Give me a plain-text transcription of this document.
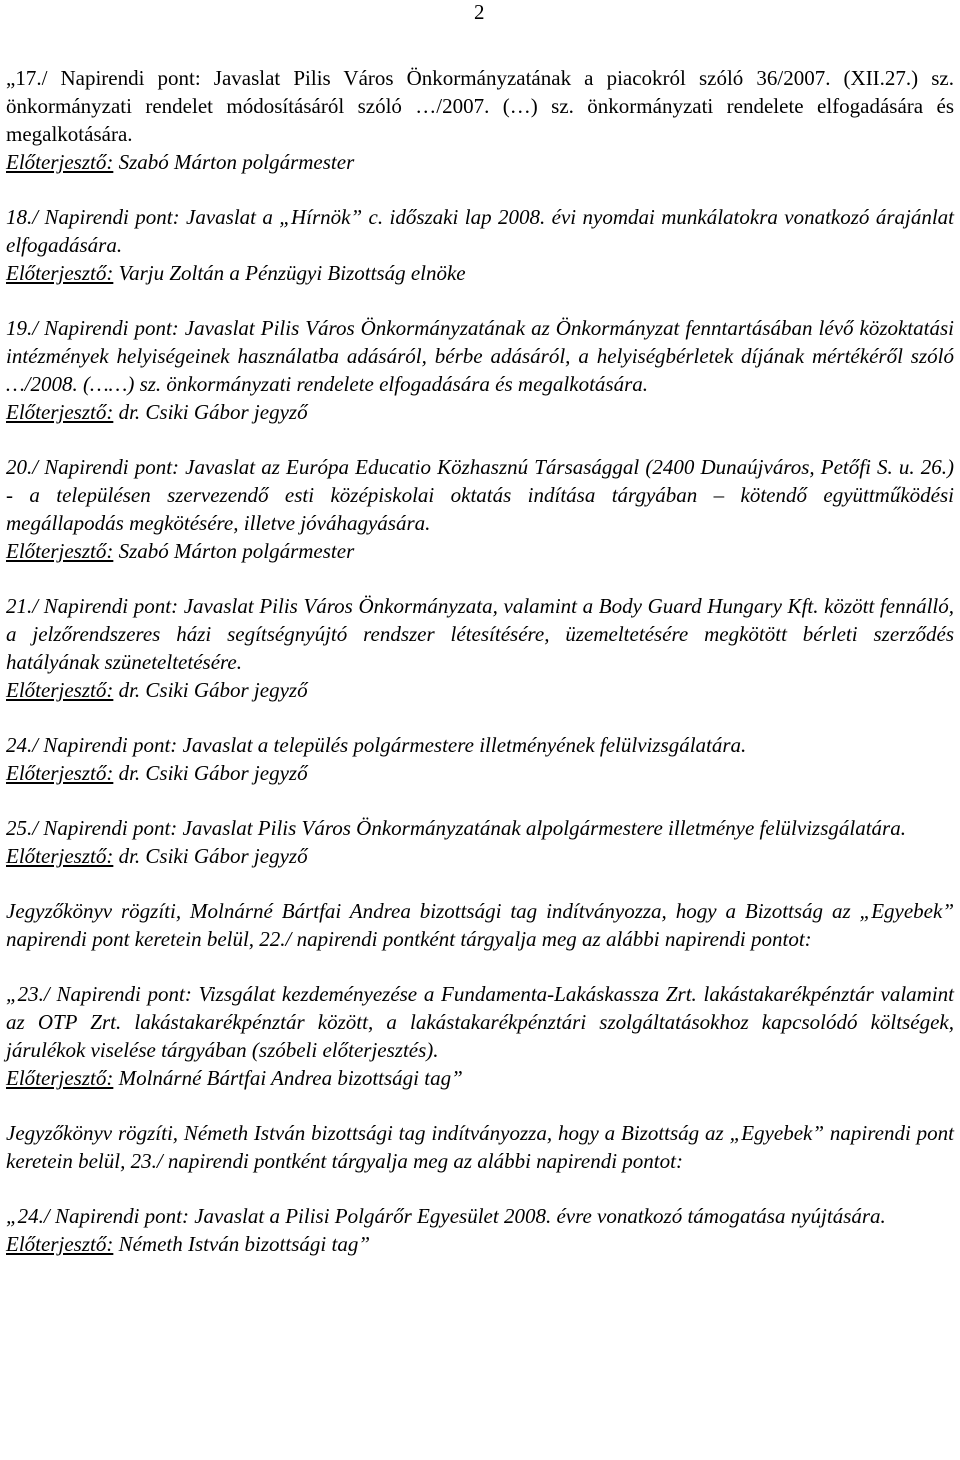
2

„17./ Napirendi pont: Javaslat Pilis Város Önkormányzatának a piacokról szóló 36/2007. (XII.27.) sz. önkormányzati rendelet módosításáról szóló …/2007. (…) sz. önkormányzati rendelete elfogadására és megalkotására.

Előterjesztő: Szabó Márton polgármester

18./ Napirendi pont: Javaslat a „Hírnök” c. időszaki lap 2008. évi nyomdai munkálatokra vonatkozó árajánlat elfogadására.

Előterjesztő: Varju Zoltán a Pénzügyi Bizottság elnöke

19./ Napirendi pont: Javaslat Pilis Város Önkormányzatának az Önkormányzat fenntartásában lévő közoktatási intézmények helyiségeinek használatba adásáról, bérbe adásáról, a helyiségbérletek díjának mértékéről szóló …/2008. (……) sz. önkormányzati rendelete elfogadására és megalkotására.

Előterjesztő: dr. Csiki Gábor jegyző

20./ Napirendi pont: Javaslat az Európa Educatio Közhasznú Társasággal (2400 Dunaújváros, Petőfi S. u. 26.) - a településen szervezendő esti középiskolai oktatás indítása tárgyában – kötendő együttműködési megállapodás megkötésére, illetve jóváhagyására.

Előterjesztő: Szabó Márton polgármester

21./ Napirendi pont: Javaslat Pilis Város Önkormányzata, valamint a Body Guard Hungary Kft. között fennálló, a jelzőrendszeres házi segítségnyújtó rendszer létesítésére, üzemeltetésére megkötött bérleti szerződés hatályának szüneteltetésére.

Előterjesztő: dr. Csiki Gábor jegyző

24./ Napirendi pont: Javaslat a település polgármestere illetményének felülvizsgálatára.

Előterjesztő: dr. Csiki Gábor jegyző

25./ Napirendi pont: Javaslat Pilis Város Önkormányzatának alpolgármestere illetménye felülvizsgálatára.

Előterjesztő: dr. Csiki Gábor jegyző

Jegyzőkönyv rögzíti, Molnárné Bártfai Andrea bizottsági tag indítványozza, hogy a Bizottság az „Egyebek” napirendi pont keretein belül, 22./ napirendi pontként tárgyalja meg az alábbi napirendi pontot:

„23./ Napirendi pont: Vizsgálat kezdeményezése a Fundamenta-Lakáskassza Zrt. lakástakarékpénztár valamint az OTP Zrt. lakástakarékpénztár között, a lakástakarékpénztári szolgáltatásokhoz kapcsolódó költségek, járulékok viselése tárgyában (szóbeli előterjesztés).

Előterjesztő: Molnárné Bártfai Andrea bizottsági tag”

Jegyzőkönyv rögzíti, Németh István bizottsági tag indítványozza, hogy a Bizottság az „Egyebek” napirendi pont keretein belül, 23./ napirendi pontként tárgyalja meg az alábbi napirendi pontot:

„24./ Napirendi pont: Javaslat a Pilisi Polgárőr Egyesület 2008. évre vonatkozó támogatása nyújtására.

Előterjesztő: Németh István bizottsági tag”
